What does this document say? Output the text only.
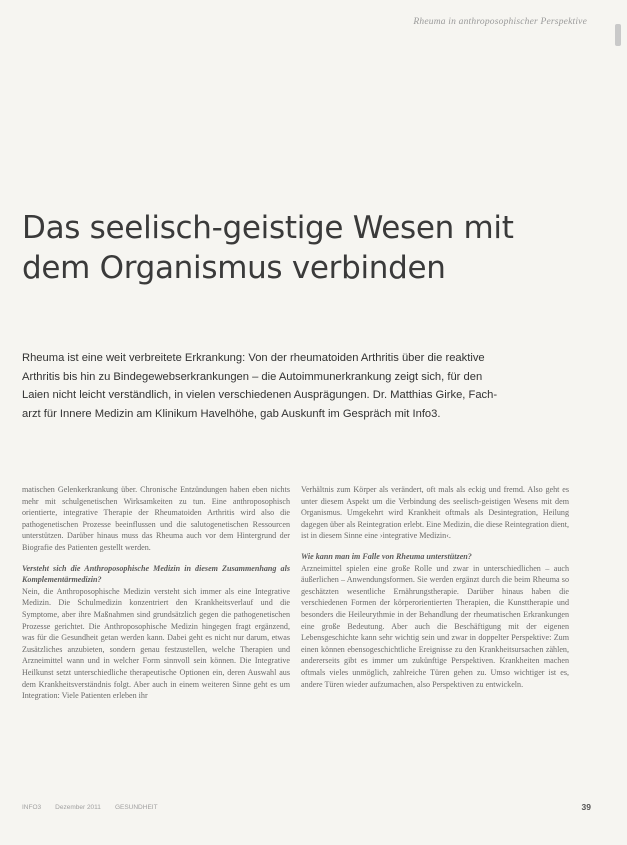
Rheuma in anthroposophischer Perspektive
Das seelisch-geistige Wesen mit
dem Organismus verbinden

Rheuma ist eine weit verbreitete Erkrankung: Von der rheumatoiden Arthritis über die reaktive
Arthritis bis hin zu Bindegewebserkrankungen – die Autoimmunerkrankung zeigt sich, für den
Laien nicht leicht verständlich, in vielen verschiedenen Ausprägungen. Dr. Matthias Girke, Fach-
arzt für Innere Medizin am Klinikum Havelhöhe, gab Auskunft im Gespräch mit Info3.

matischen Gelenkerkrankung über. Chronische Entzündungen haben eben nichts mehr mit schulgenetischen Wirksamkeiten zu tun. Eine anthroposophisch orientierte, integrative Therapie der Rheumatoiden Arthritis wird also die pathogenetischen Prozesse beeinflussen und die salutogenetischen Ressourcen unterstützen. Darüber hinaus muss das Rheuma auch vor dem Hintergrund der Biografie des Patienten gestellt werden.

Versteht sich die Anthroposophische Medizin in diesem Zusammenhang als Komplementärmedizin?

Nein, die Anthroposophische Medizin versteht sich immer als eine Integrative Medizin. Die Schulmedizin konzentriert den Krankheitsverlauf und die Symptome, aber ihre Maßnahmen sind grundsätzlich gegen die pathogenetischen Prozesse gerichtet. Die Anthroposophische Medizin hingegen fragt ergänzend, was für die Gesundheit getan werden kann. Dabei geht es nicht nur darum, etwas Zusätzliches anzubieten, sondern genau festzustellen, welche Therapien und Arzneimittel wann und in welcher Form sinnvoll sein können. Die Integrative Heilkunst setzt unterschiedliche therapeutische Optionen ein, deren Auswahl aus dem Krankheitsverständnis folgt. Aber auch in einem weiteren Sinne geht es um Integration: Viele Patienten erleben ihr

Verhältnis zum Körper als verändert, oft mals als eckig und fremd. Also geht es unter diesem Aspekt um die Verbindung des seelisch-geistigen Wesens mit dem Organismus. Umgekehrt wird Krankheit oftmals als Desintegration, Heilung dagegen über als Reintegration erlebt. Eine Medizin, die diese Reintegration dient, ist in diesem Sinne eine ›integrative Medizin‹.

Wie kann man im Falle von Rheuma unterstützen?

Arzneimittel spielen eine große Rolle und zwar in unterschiedlichen – auch äußerlichen – Anwendungsformen. Sie werden ergänzt durch die beim Rheuma so geschätzten wesentliche Ernährungstherapie. Darüber hinaus haben die verschiedenen Formen der körperorientierten Therapien, die Kunsttherapie und besonders die Heileurythmie in der Behandlung der rheumatischen Erkrankungen eine große Bedeutung. Aber auch die Beschäftigung mit der eigenen Lebensgeschichte kann sehr wichtig sein und zwar in doppelter Perspektive: Zum einen können ebensogeschichtliche Ereignisse zu den Krankheitsursachen zählen, andererseits gibt es immer um zukünftige Perspektiven. Krankheiten machen oftmals vieles unmöglich, zahlreiche Türen gehen zu. Umso wichtiger ist es, andere Türen wieder aufzumachen, also Perspektiven zu entwickeln.

INFO3 Dezember 2011 GESUNDHEIT	39
